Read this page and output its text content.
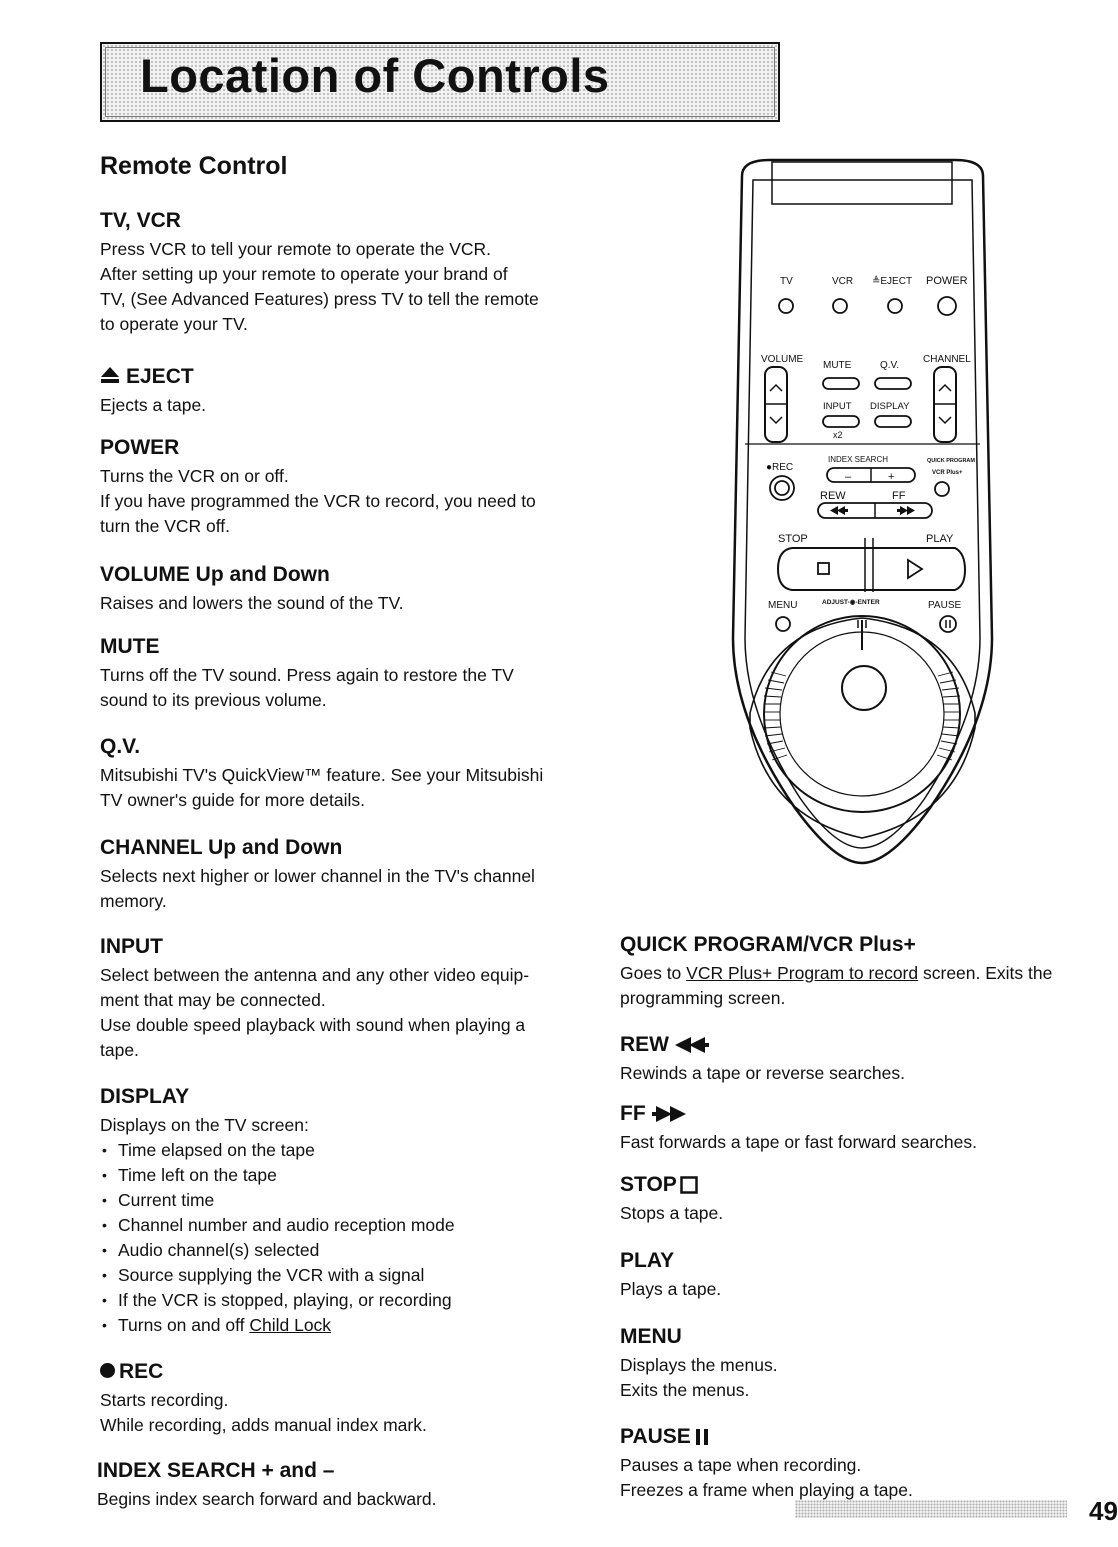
Location of Controls
Remote Control
TV, VCR

Press VCR to tell your remote to operate the VCR.

After setting up your remote to operate your brand of

TV, (See Advanced Features) press TV to tell the remote

to operate your TV.

EJECT

Ejects a tape.

POWER

Turns the VCR on or off.

If you have programmed the VCR to record, you need to

turn the VCR off.

VOLUME Up and Down

Raises and lowers the sound of the TV.

MUTE

Turns off the TV sound. Press again to restore the TV

sound to its previous volume.

Q.V.

Mitsubishi TV's QuickView™ feature. See your Mitsubishi

TV owner's guide for more details.

CHANNEL Up and Down

Selects next higher or lower channel in the TV's channel

memory.

INPUT

Select between the antenna and any other video equip-

ment that may be connected.

Use double speed playback with sound when playing a

tape.

DISPLAY

Displays on the TV screen:

• Time elapsed on the tape
• Time left on the tape
• Current time
• Channel number and audio reception mode
• Audio channel(s) selected
• Source supplying the VCR with a signal
• If the VCR is stopped, playing, or recording
• Turns on and off Child Lock
REC

Starts recording.

While recording, adds manual index mark.

INDEX SEARCH + and –

Begins index search forward and backward.

QUICK PROGRAM/VCR Plus+

Goes to VCR Plus+ Program to record screen. Exits the

programming screen.

REW

Rewinds a tape or reverse searches.

FF

Fast forwards a tape or fast forward searches.

STOP

Stops a tape.

PLAY

Plays a tape.

MENU

Displays the menus.

Exits the menus.

PAUSE

Pauses a tape when recording.

Freezes a frame when playing a tape.

TV	VCR ≜EJECT POWER
VOLUME
MUTE	Q.V.
CHANNEL
INPUT DISPLAY
x2
INDEX SEARCH	QUICK PROGRAM
VCR Plus+
●REC
–	+
REW	FF
STOP	PLAY
MENU	ADJUST-◉-ENTER	PAUSE
49
